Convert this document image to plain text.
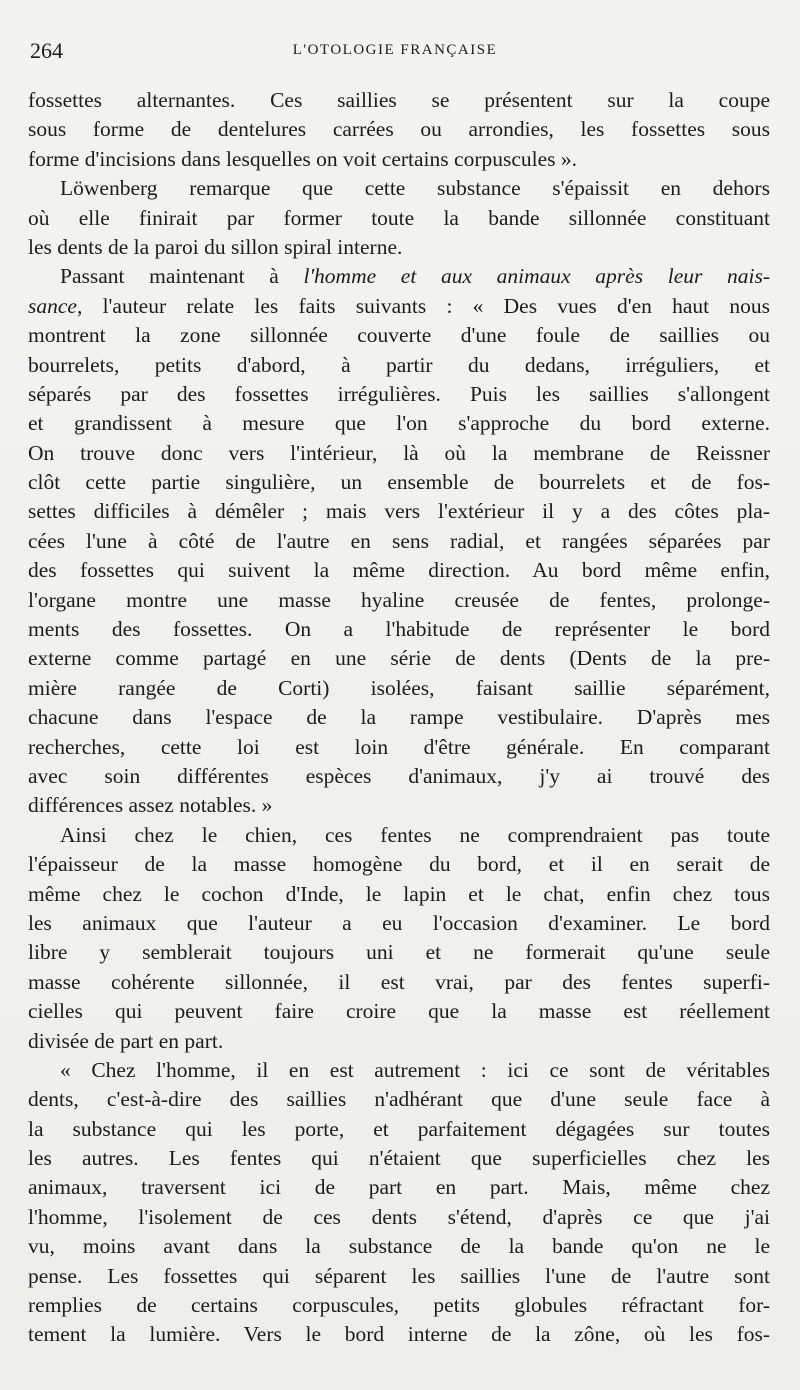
264	L'OTOLOGIE FRANÇAISE
fossettes alternantes. Ces saillies se présentent sur la coupe
sous forme de dentelures carrées ou arrondies, les fossettes sous
forme d'incisions dans lesquelles on voit certains corpuscules ».
Löwenberg remarque que cette substance s'épaissit en dehors
où elle finirait par former toute la bande sillonnée constituant
les dents de la paroi du sillon spiral interne.
Passant maintenant à l'homme et aux animaux après leur nais-
sance, l'auteur relate les faits suivants : « Des vues d'en haut nous
montrent la zone sillonnée couverte d'une foule de saillies ou
bourrelets, petits d'abord, à partir du dedans, irréguliers, et
séparés par des fossettes irrégulières. Puis les saillies s'allongent
et grandissent à mesure que l'on s'approche du bord externe.
On trouve donc vers l'intérieur, là où la membrane de Reissner
clôt cette partie singulière, un ensemble de bourrelets et de fos-
settes difficiles à démêler ; mais vers l'extérieur il y a des côtes pla-
cées l'une à côté de l'autre en sens radial, et rangées séparées par
des fossettes qui suivent la même direction. Au bord même enfin,
l'organe montre une masse hyaline creusée de fentes, prolonge-
ments des fossettes. On a l'habitude de représenter le bord
externe comme partagé en une série de dents (Dents de la pre-
mière rangée de Corti) isolées, faisant saillie séparément,
chacune dans l'espace de la rampe vestibulaire. D'après mes
recherches, cette loi est loin d'être générale. En comparant
avec soin différentes espèces d'animaux, j'y ai trouvé des
différences assez notables. »
Ainsi chez le chien, ces fentes ne comprendraient pas toute
l'épaisseur de la masse homogène du bord, et il en serait de
même chez le cochon d'Inde, le lapin et le chat, enfin chez tous
les animaux que l'auteur a eu l'occasion d'examiner. Le bord
libre y semblerait toujours uni et ne formerait qu'une seule
masse cohérente sillonnée, il est vrai, par des fentes superfi-
cielles qui peuvent faire croire que la masse est réellement
divisée de part en part.
« Chez l'homme, il en est autrement : ici ce sont de véritables
dents, c'est-à-dire des saillies n'adhérant que d'une seule face à
la substance qui les porte, et parfaitement dégagées sur toutes
les autres. Les fentes qui n'étaient que superficielles chez les
animaux, traversent ici de part en part. Mais, même chez
l'homme, l'isolement de ces dents s'étend, d'après ce que j'ai
vu, moins avant dans la substance de la bande qu'on ne le
pense. Les fossettes qui séparent les saillies l'une de l'autre sont
remplies de certains corpuscules, petits globules réfractant for-
tement la lumière. Vers le bord interne de la zône, où les fos-
